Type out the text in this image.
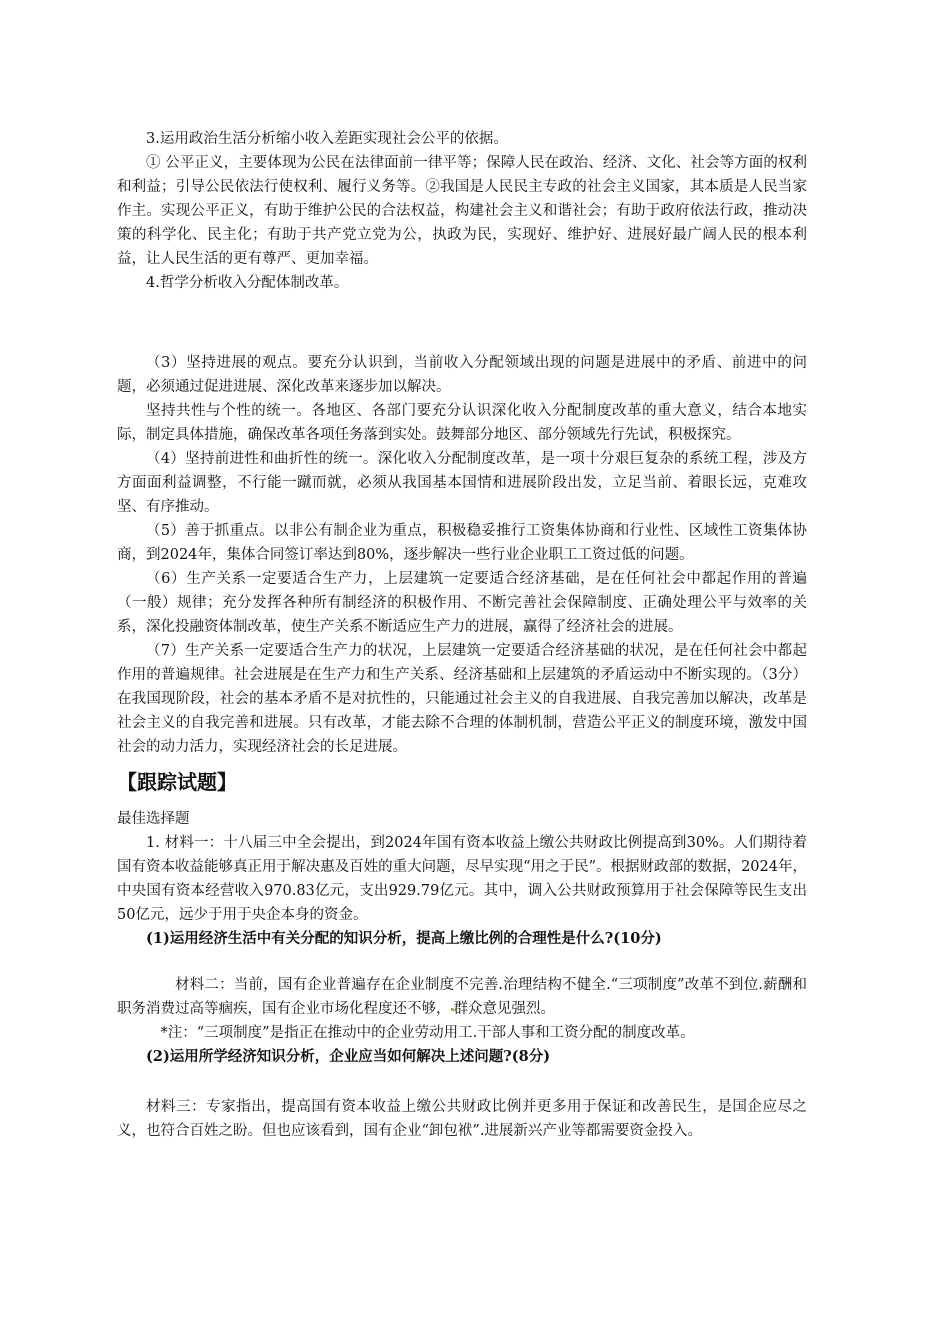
3.运用政治生活分析缩小收入差距实现社会公平的依据。

① 公平正义，主要体现为公民在法律面前一律平等；保障人民在政治、经济、文化、社会等方面的权利和利益；引导公民依法行使权利、履行义务等。②我国是人民民主专政的社会主义国家，其本质是人民当家作主。实现公平正义，有助于维护公民的合法权益，构建社会主义和谐社会；有助于政府依法行政，推动决策的科学化、民主化；有助于共产党立党为公，执政为民，实现好、维护好、进展好最广阔人民的根本利益，让人民生活的更有尊严、更加幸福。

4.哲学分析收入分配体制改革。

（3）坚持进展的观点。要充分认识到，当前收入分配领域出现的问题是进展中的矛盾、前进中的问题，必须通过促进进展、深化改革来逐步加以解决。

坚持共性与个性的统一。各地区、各部门要充分认识深化收入分配制度改革的重大意义，结合本地实际，制定具体措施，确保改革各项任务落到实处。鼓舞部分地区、部分领域先行先试，积极探究。

（4）坚持前进性和曲折性的统一。深化收入分配制度改革，是一项十分艰巨复杂的系统工程，涉及方方面面利益调整，不行能一蹴而就，必须从我国基本国情和进展阶段出发，立足当前、着眼长远，克难攻坚、有序推动。

（5）善于抓重点。以非公有制企业为重点，积极稳妥推行工资集体协商和行业性、区域性工资集体协商，到2024年，集体合同签订率达到80%，逐步解决一些行业企业职工工资过低的问题。

（6）生产关系一定要适合生产力，上层建筑一定要适合经济基础，是在任何社会中都起作用的普遍（一般）规律；充分发挥各种所有制经济的积极作用、不断完善社会保障制度、正确处理公平与效率的关系，深化投融资体制改革，使生产关系不断适应生产力的进展，赢得了经济社会的进展。

（7）生产关系一定要适合生产力的状况，上层建筑一定要适合经济基础的状况，是在任何社会中都起作用的普遍规律。社会进展是在生产力和生产关系、经济基础和上层建筑的矛盾运动中不断实现的。（3分）在我国现阶段，社会的基本矛盾不是对抗性的，只能通过社会主义的自我进展、自我完善加以解决，改革是社会主义的自我完善和进展。只有改革，才能去除不合理的体制机制，营造公平正义的制度环境，激发中国社会的动力活力，实现经济社会的长足进展。

【跟踪试题】

最佳选择题

1. 材料一：十八届三中全会提出，到2024年国有资本收益上缴公共财政比例提高到30%。人们期待着国有资本收益能够真正用于解决惠及百姓的重大问题，尽早实现“用之于民”。根据财政部的数据，2024年，中央国有资本经营收入970.83亿元，支出929.79亿元。其中，调入公共财政预算用于社会保障等民生支出50亿元，远少于用于央企本身的资金。

(1)运用经济生活中有关分配的知识分析，提高上缴比例的合理性是什么?(10分)

材料二：当前，国有企业普遍存在企业制度不完善.治理结构不健全.“三项制度”改革不到位.薪酬和职务消费过高等痼疾，国有企业市场化程度还不够， 群众意见强烈。

*注：“三项制度”是指正在推动中的企业劳动用工.干部人事和工资分配的制度改革。

(2)运用所学经济知识分析，企业应当如何解决上述问题?(8分)

材料三：专家指出，提高国有资本收益上缴公共财政比例并更多用于保证和改善民生，是国企应尽之义，也符合百姓之盼。但也应该看到，国有企业“卸包袱”.进展新兴产业等都需要资金投入。
